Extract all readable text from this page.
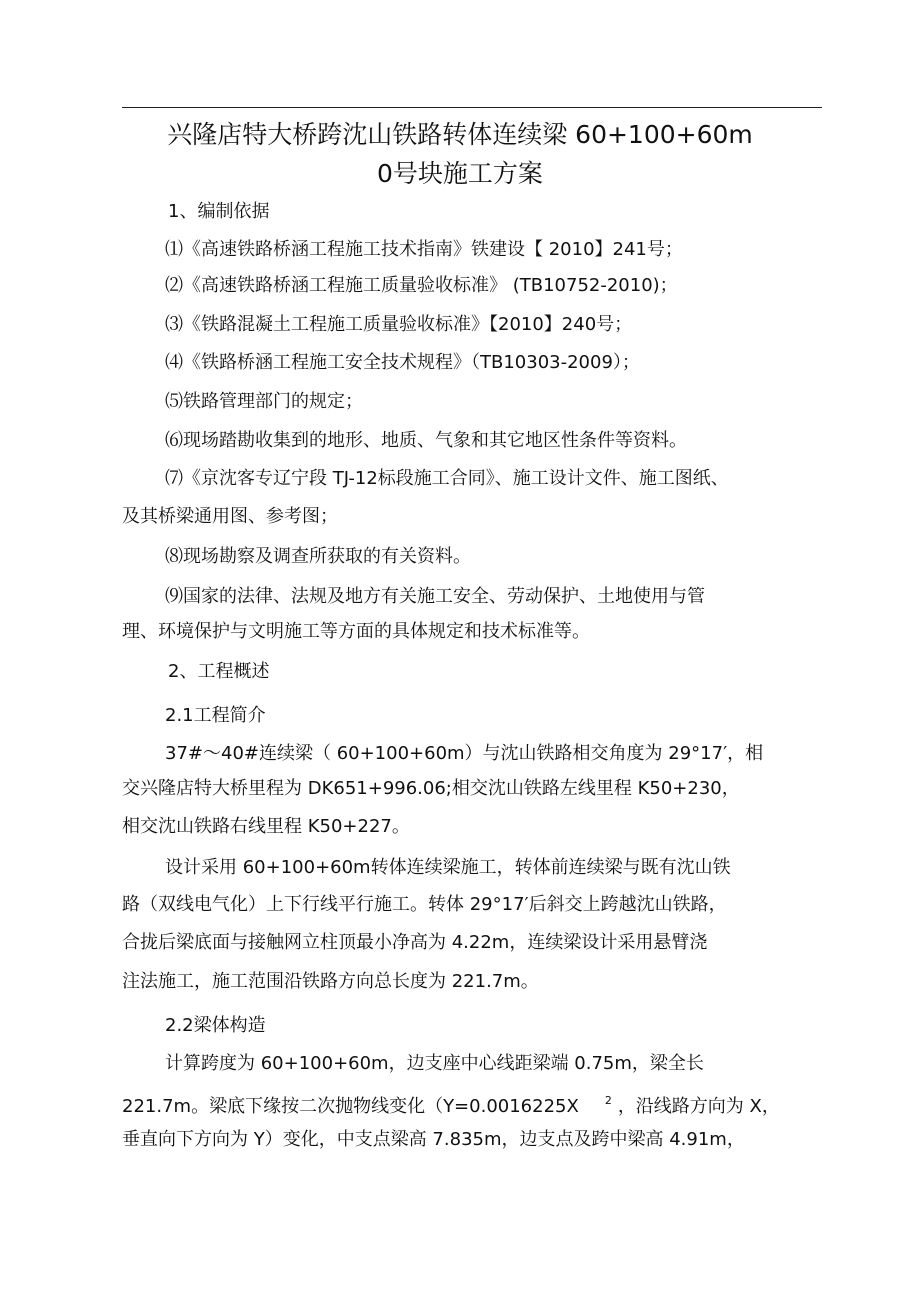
兴隆店特大桥跨沈山铁路转体连续梁 60+100+60m
0号块施工方案
1、编制依据
⑴《高速铁路桥涵工程施工技术指南》铁建设【 2010】241号；
⑵《高速铁路桥涵工程施工质量验收标准》 (TB10752-2010)；
⑶《铁路混凝土工程施工质量验收标准》【2010】240号；
⑷《铁路桥涵工程施工安全技术规程》（TB10303-2009）；
⑸铁路管理部门的规定；
⑹现场踏勘收集到的地形、地质、气象和其它地区性条件等资料。
⑺《京沈客专辽宁段 TJ-12标段施工合同》、施工设计文件、施工图纸、
及其桥梁通用图、参考图；
⑻现场勘察及调查所获取的有关资料。
⑼国家的法律、法规及地方有关施工安全、劳动保护、土地使用与管
理、环境保护与文明施工等方面的具体规定和技术标准等。
2、工程概述
2.1工程简介
37#～40#连续梁（ 60+100+60m）与沈山铁路相交角度为 29°17′，相
交兴隆店特大桥里程为 DK651+996.06;相交沈山铁路左线里程 K50+230，
相交沈山铁路右线里程 K50+227。
设计采用 60+100+60m转体连续梁施工，转体前连续梁与既有沈山铁
路（双线电气化）上下行线平行施工。转体 29°17′后斜交上跨越沈山铁路，
合拢后梁底面与接触网立柱顶最小净高为 4.22m，连续梁设计采用悬臂浇
注法施工，施工范围沿铁路方向总长度为 221.7m。
2.2梁体构造
计算跨度为 60+100+60m，边支座中心线距梁端 0.75m，梁全长
221.7m。梁底下缘按二次抛物线变化（Y=0.0016225X $^2$ ，沿线路方向为 X，
垂直向下方向为 Y）变化，中支点梁高 7.835m，边支点及跨中梁高 4.91m，
